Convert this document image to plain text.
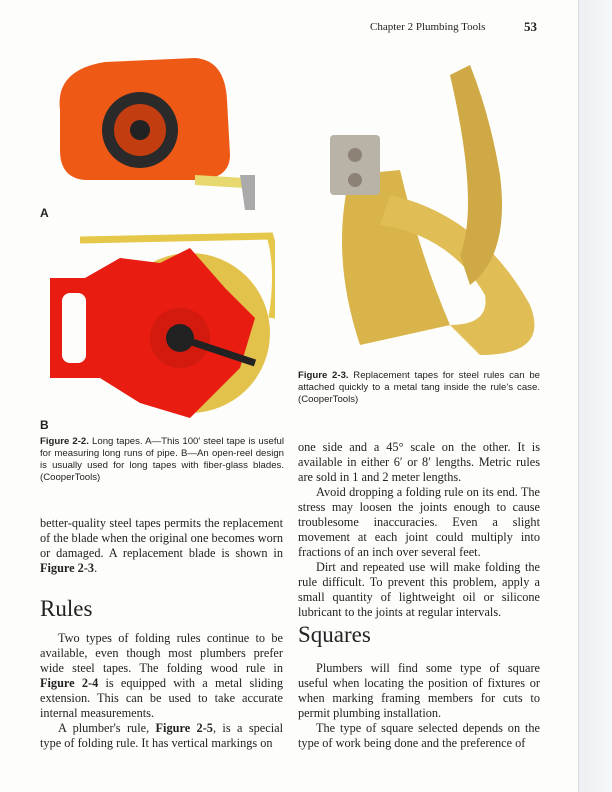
Chapter 2 Plumbing Tools	53
A
B
Figure 2-2. Long tapes. A—This 100′ steel tape is useful for measuring long runs of pipe. B—An open-reel design is usually used for long tapes with fiber-glass blades. (CooperTools)
Figure 2-3. Replacement tapes for steel rules can be attached quickly to a metal tang inside the rule's case. (CooperTools)

better-quality steel tapes permits the replacement of the blade when the original one becomes worn or damaged. A replacement blade is shown in Figure 2-3.

Rules

Two types of folding rules continue to be available, even though most plumbers prefer wide steel tapes. The folding wood rule in Figure 2-4 is equipped with a metal sliding extension. This can be used to take accurate internal measurements.

A plumber's rule, Figure 2-5, is a special type of folding rule. It has vertical markings on

one side and a 45° scale on the other. It is available in either 6′ or 8′ lengths. Metric rules are sold in 1 and 2 meter lengths.

Avoid dropping a folding rule on its end. The stress may loosen the joints enough to cause troublesome inaccuracies. Even a slight movement at each joint could multiply into fractions of an inch over several feet.

Dirt and repeated use will make folding the rule difficult. To prevent this problem, apply a small quantity of lightweight oil or silicone lubricant to the joints at regular intervals.

Squares

Plumbers will find some type of square useful when locating the position of fixtures or when marking framing members for cuts to permit plumbing installation.

The type of square selected depends on the type of work being done and the preference of
